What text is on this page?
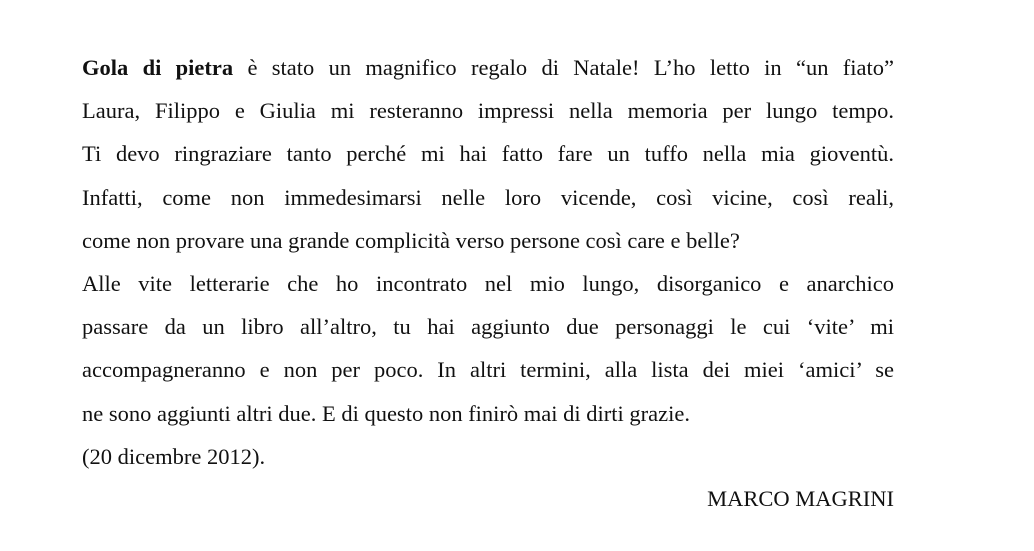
Gola di pietra è stato un magnifico regalo di Natale! L’ho letto in “un fiato”
Laura, Filippo e Giulia mi resteranno impressi nella memoria per lungo tempo.
Ti devo ringraziare tanto perché mi hai fatto fare un tuffo nella mia gioventù.
Infatti, come non immedesimarsi nelle loro vicende, così vicine, così reali,
come non provare una grande complicità verso persone così care e belle?
Alle vite letterarie che ho incontrato nel mio lungo, disorganico e anarchico
passare da un libro all’altro, tu hai aggiunto due personaggi le cui ‘vite’ mi
accompagneranno e non per poco. In altri termini, alla lista dei miei ‘amici’ se
ne sono aggiunti altri due. E di questo non finirò mai di dirti grazie.
(20 dicembre 2012).
MARCO MAGRINI
